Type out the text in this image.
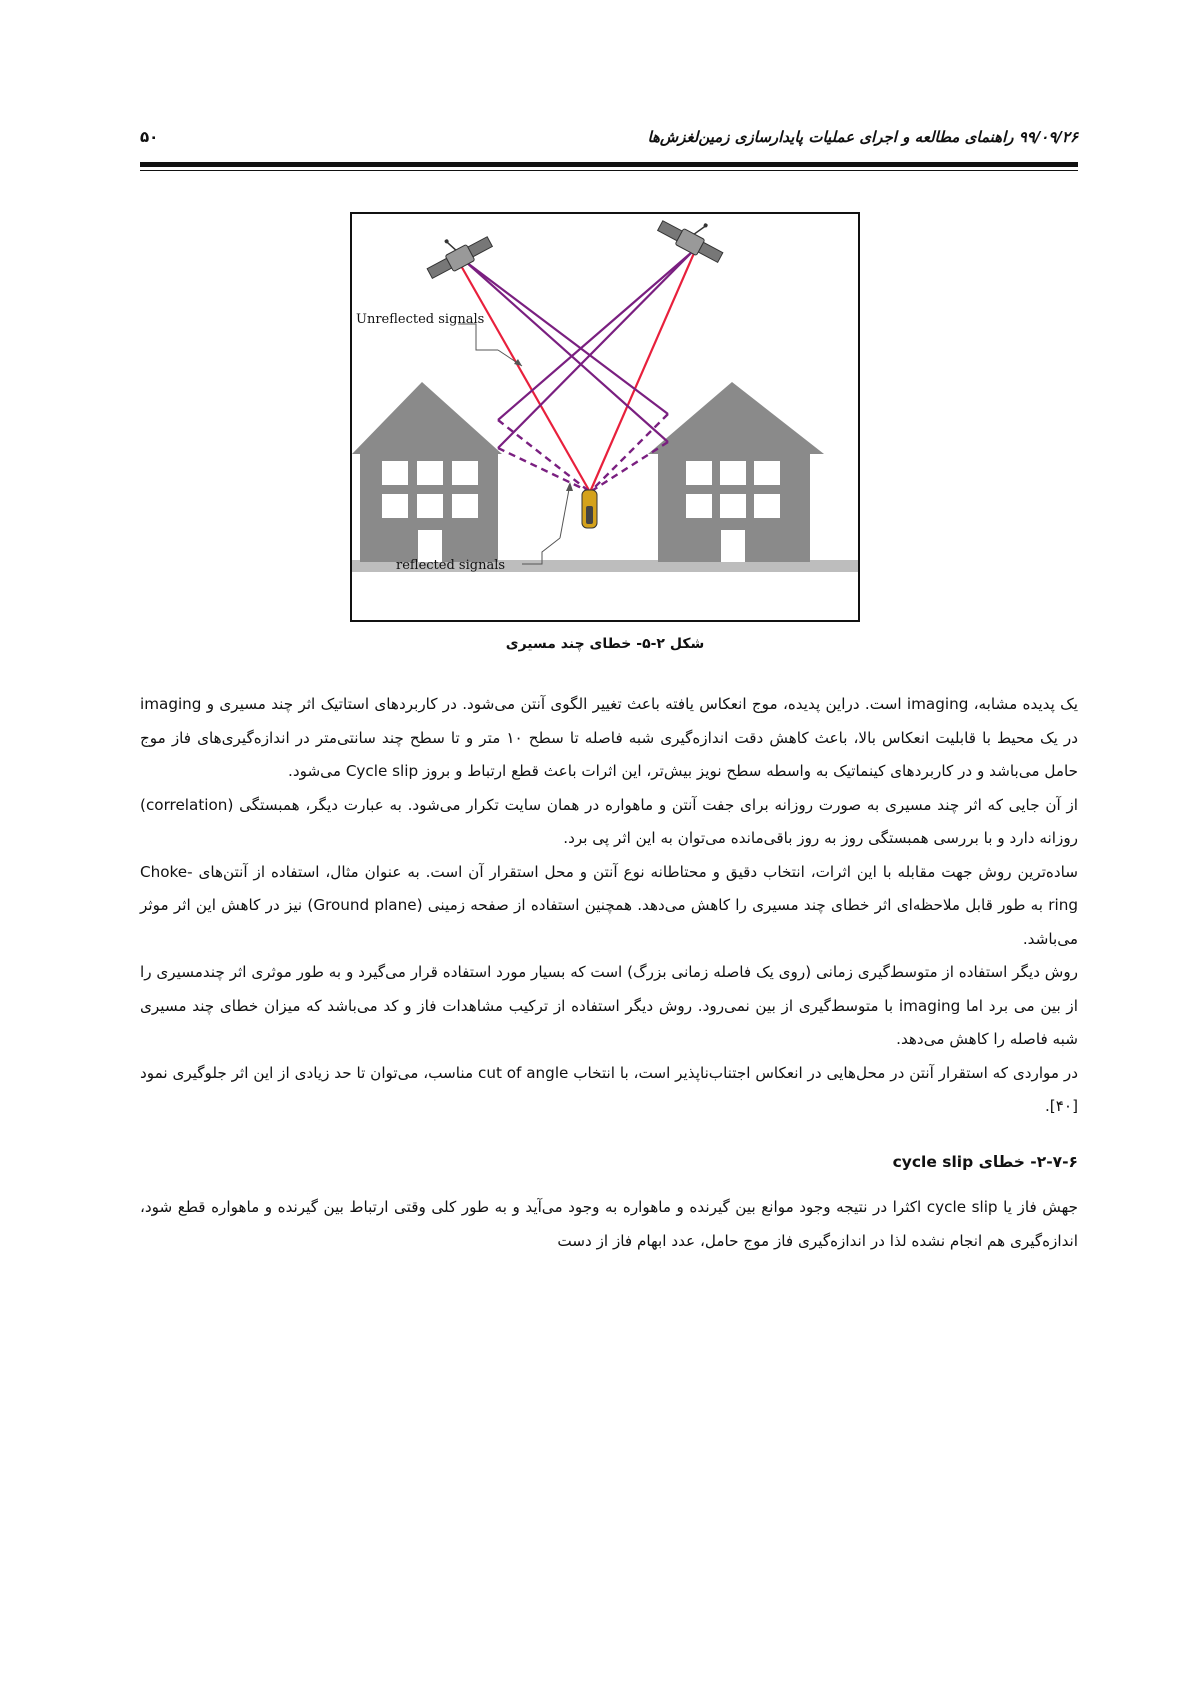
۹۹/۰۹/۲۶ راهنمای مطالعه و اجرای عملیات پایدارسازی زمین‌لغزش‌ها
۵۰
Unreflected signals
reflected signals
شکل ۲-۵- خطای چند مسیری

یک پدیده مشابه، imaging است. دراین پدیده، موج انعکاس یافته باعث تغییر الگوی آنتن می‌شود. در کاربردهای استاتیک اثر چند مسیری و imaging در یک محیط با قابلیت انعکاس بالا، باعث کاهش دقت اندازه‌گیری شبه فاصله تا سطح ۱۰ متر و تا سطح چند سانتی‌متر در اندازه‌گیری‌های فاز موج حامل می‌باشد و در کاربردهای کینماتیک به واسطه سطح نویز بیش‌تر، این اثرات باعث قطع ارتباط و بروز Cycle slip می‌شود.

از آن جایی که اثر چند مسیری به صورت روزانه برای جفت آنتن و ماهواره در همان سایت تکرار می‌شود. به عبارت دیگر، همبستگی (correlation) روزانه دارد و با بررسی همبستگی روز به روز باقی‌مانده می‌توان به این اثر پی برد.

ساده‌ترین روش جهت مقابله با این اثرات، انتخاب دقیق و محتاطانه نوع آنتن و محل استقرار آن است. به عنوان مثال، استفاده از آنتن‌های Choke-ring به طور قابل ملاحظه‌ای اثر خطای چند مسیری را کاهش می‌دهد. همچنین استفاده از صفحه زمینی (Ground plane) نیز در کاهش این اثر موثر می‌باشد.

روش دیگر استفاده از متوسط‌گیری زمانی (روی یک فاصله زمانی بزرگ) است که بسیار مورد استفاده قرار می‌گیرد و به طور موثری اثر چندمسیری را از بین می برد اما imaging با متوسط‌گیری از بین نمی‌رود. روش دیگر استفاده از ترکیب مشاهدات فاز و کد می‌باشد که میزان خطای چند مسیری شبه فاصله را کاهش می‌دهد.

در مواردی که استقرار آنتن در محل‌هایی در انعکاس اجتناب‌ناپذیر است، با انتخاب cut of angle مناسب، می‌توان تا حد زیادی از این اثر جلوگیری نمود [۴۰].

۲-۷-۶- خطای cycle slip

جهش فاز یا cycle slip اکثرا در نتیجه وجود موانع بین گیرنده و ماهواره به وجود می‌آید و به طور کلی وقتی ارتباط بین گیرنده و ماهواره قطع شود، اندازه‌گیری هم انجام نشده لذا در اندازه‌گیری فاز موج حامل، عدد ابهام فاز از دست
